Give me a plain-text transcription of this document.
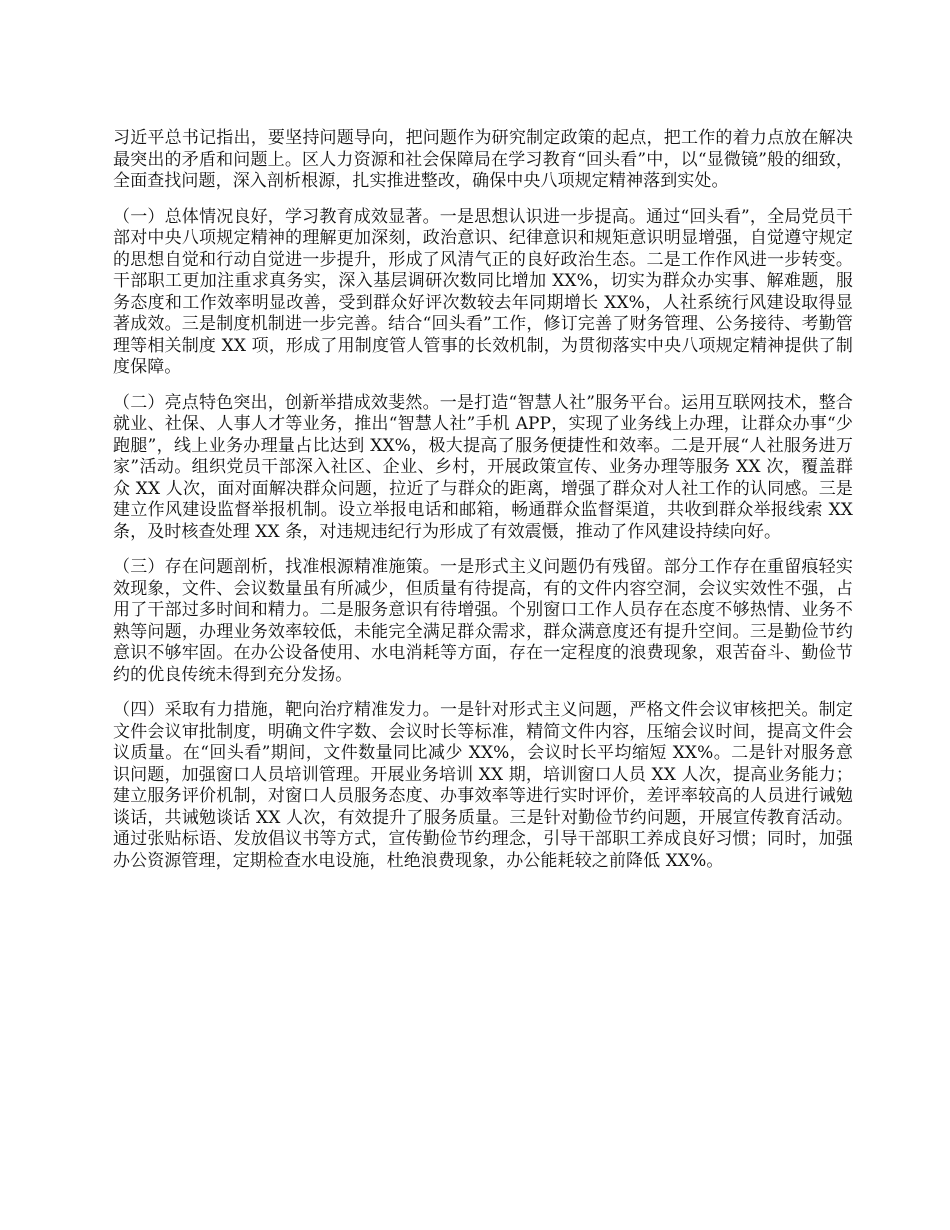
习近平总书记指出，要坚持问题导向，把问题作为研究制定政策的起点，把工作的着力点放在解决最突出的矛盾和问题上。区人力资源和社会保障局在学习教育“回头看”中，以“显微镜”般的细致，全面查找问题，深入剖析根源，扎实推进整改，确保中央八项规定精神落到实处。

（一）总体情况良好，学习教育成效显著。一是思想认识进一步提高。通过“回头看”，全局党员干部对中央八项规定精神的理解更加深刻，政治意识、纪律意识和规矩意识明显增强，自觉遵守规定的思想自觉和行动自觉进一步提升，形成了风清气正的良好政治生态。二是工作作风进一步转变。干部职工更加注重求真务实，深入基层调研次数同比增加 XX%，切实为群众办实事、解难题，服务态度和工作效率明显改善，受到群众好评次数较去年同期增长 XX%，人社系统行风建设取得显著成效。三是制度机制进一步完善。结合“回头看”工作，修订完善了财务管理、公务接待、考勤管理等相关制度 XX 项，形成了用制度管人管事的长效机制，为贯彻落实中央八项规定精神提供了制度保障。

（二）亮点特色突出，创新举措成效斐然。一是打造“智慧人社”服务平台。运用互联网技术，整合就业、社保、人事人才等业务，推出“智慧人社”手机 APP，实现了业务线上办理，让群众办事“少跑腿”，线上业务办理量占比达到 XX%，极大提高了服务便捷性和效率。二是开展“人社服务进万家”活动。组织党员干部深入社区、企业、乡村，开展政策宣传、业务办理等服务 XX 次，覆盖群众 XX 人次，面对面解决群众问题，拉近了与群众的距离，增强了群众对人社工作的认同感。三是建立作风建设监督举报机制。设立举报电话和邮箱，畅通群众监督渠道，共收到群众举报线索 XX 条，及时核查处理 XX 条，对违规违纪行为形成了有效震慑，推动了作风建设持续向好。

（三）存在问题剖析，找准根源精准施策。一是形式主义问题仍有残留。部分工作存在重留痕轻实效现象，文件、会议数量虽有所减少，但质量有待提高，有的文件内容空洞，会议实效性不强，占用了干部过多时间和精力。二是服务意识有待增强。个别窗口工作人员存在态度不够热情、业务不熟等问题，办理业务效率较低，未能完全满足群众需求，群众满意度还有提升空间。三是勤俭节约意识不够牢固。在办公设备使用、水电消耗等方面，存在一定程度的浪费现象，艰苦奋斗、勤俭节约的优良传统未得到充分发扬。

（四）采取有力措施，靶向治疗精准发力。一是针对形式主义问题，严格文件会议审核把关。制定文件会议审批制度，明确文件字数、会议时长等标准，精简文件内容，压缩会议时间，提高文件会议质量。在“回头看”期间，文件数量同比减少 XX%，会议时长平均缩短 XX%。二是针对服务意识问题，加强窗口人员培训管理。开展业务培训 XX 期，培训窗口人员 XX 人次，提高业务能力；建立服务评价机制，对窗口人员服务态度、办事效率等进行实时评价，差评率较高的人员进行诫勉谈话，共诫勉谈话 XX 人次，有效提升了服务质量。三是针对勤俭节约问题，开展宣传教育活动。通过张贴标语、发放倡议书等方式，宣传勤俭节约理念，引导干部职工养成良好习惯；同时，加强办公资源管理，定期检查水电设施，杜绝浪费现象，办公能耗较之前降低 XX%。
